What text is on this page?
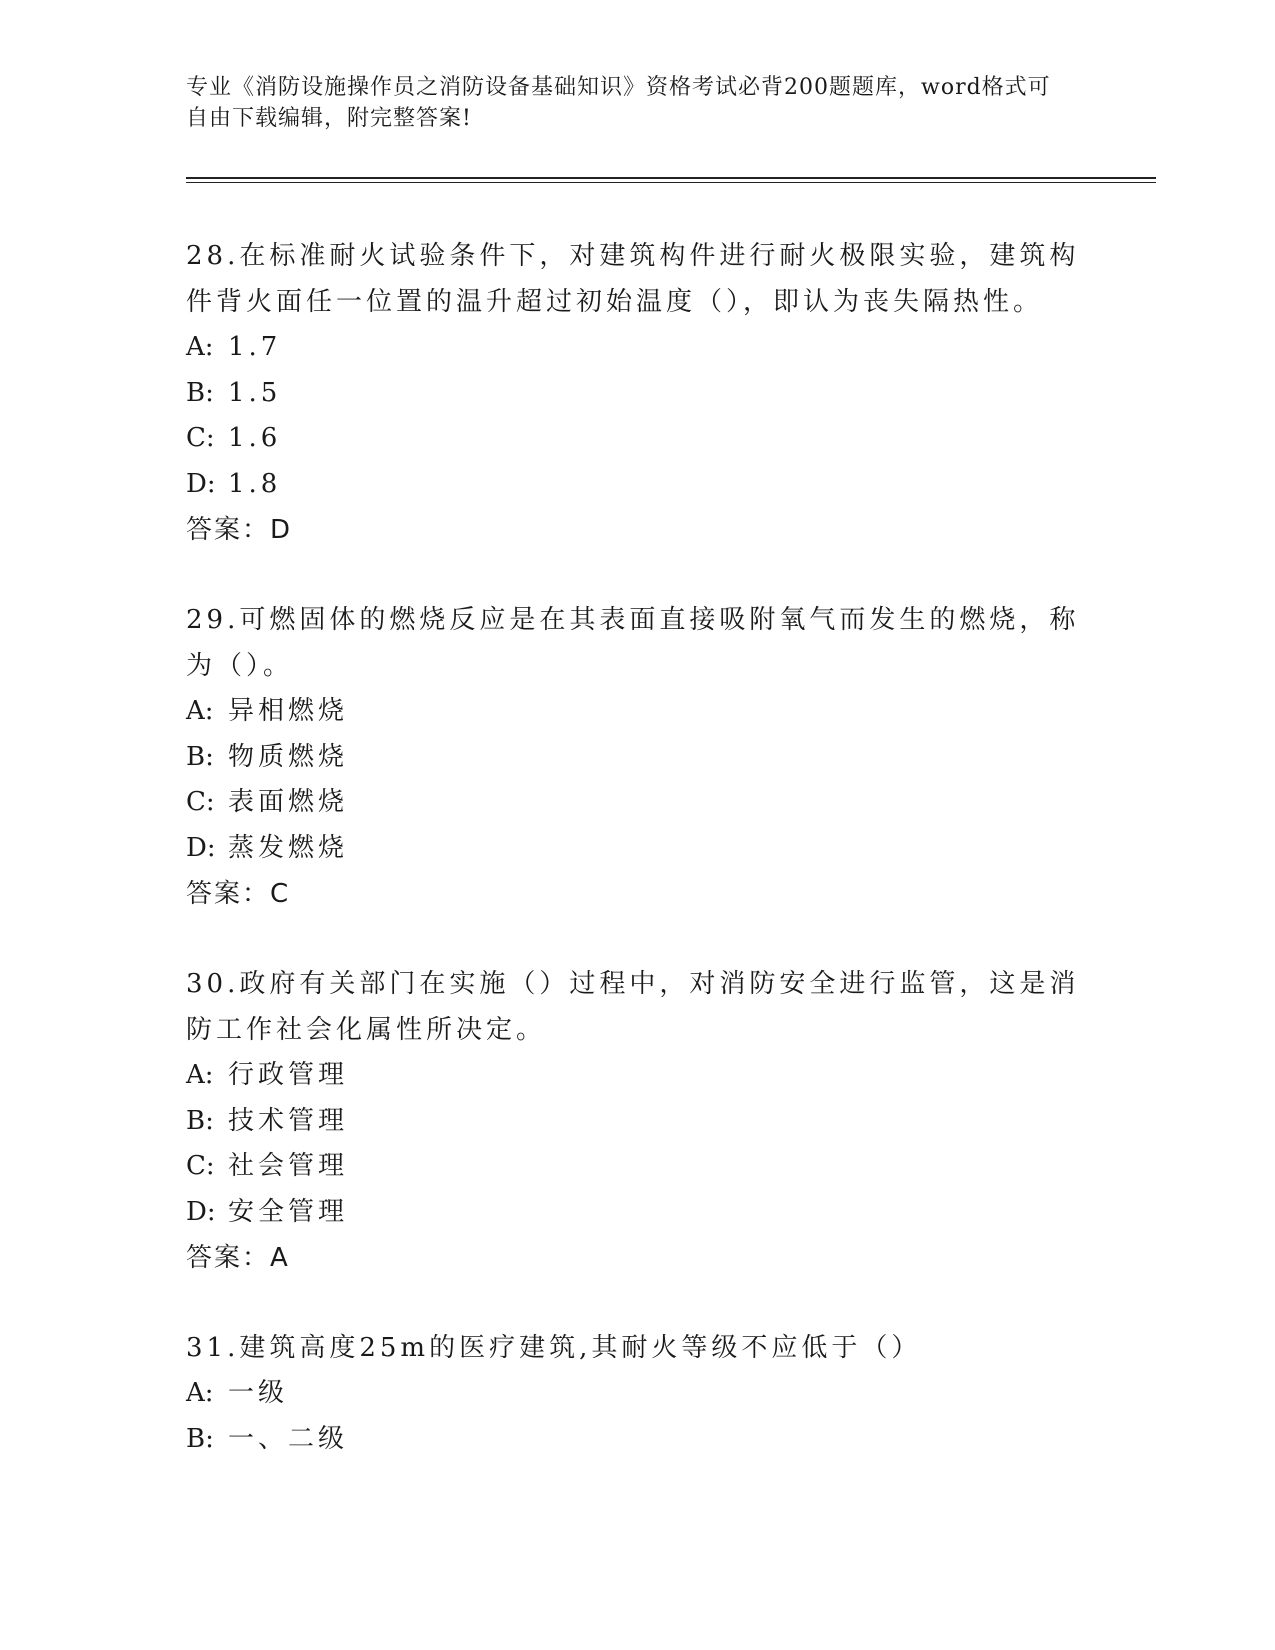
专业《消防设施操作员之消防设备基础知识》资格考试必背200题题库，word格式可自由下载编辑，附完整答案!

28.在标准耐火试验条件下，对建筑构件进行耐火极限实验，建筑构件背火面任一位置的温升超过初始温度（），即认为丧失隔热性。

A: 1.7

B: 1.5

C: 1.6

D: 1.8

答案：D

29.可燃固体的燃烧反应是在其表面直接吸附氧气而发生的燃烧，称为（）。

A: 异相燃烧

B: 物质燃烧

C: 表面燃烧

D: 蒸发燃烧

答案：C

30.政府有关部门在实施（）过程中，对消防安全进行监管，这是消防工作社会化属性所决定。

A: 行政管理

B: 技术管理

C: 社会管理

D: 安全管理

答案：A

31.建筑高度25m的医疗建筑,其耐火等级不应低于（）

A: 一级

B: 一、二级
